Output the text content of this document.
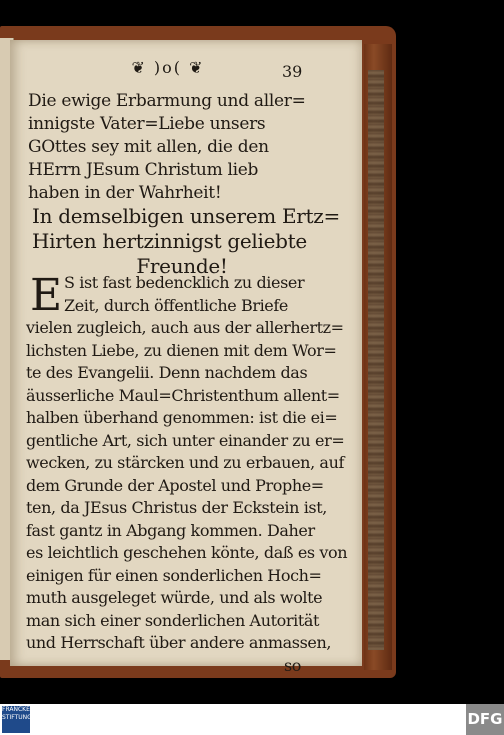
❦ )o( ❦	39
Die ewige Erbarmung und aller=
innigste Vater=Liebe unsers
GOttes sey mit allen, die den
HErrn JEsum Christum lieb
haben in der Wahrheit!
In demselbigen unserem Ertz=
Hirten hertzinnigst geliebte
Freunde!
E S ist fast bedencklich zu dieser
Zeit, durch öffentliche Briefe
vielen zugleich, auch aus der allerhertz=
lichsten Liebe, zu dienen mit dem Wor=
te des Evangelii. Denn nachdem das
äusserliche Maul=Christenthum allent=
halben überhand genommen: ist die ei=
gentliche Art, sich unter einander zu er=
wecken, zu stärcken und zu erbauen, auf
dem Grunde der Apostel und Prophe=
ten, da JEsus Christus der Eckstein ist,
fast gantz in Abgang kommen. Daher
es leichtlich geschehen könte, daß es von
einigen für einen sonderlichen Hoch=
muth ausgeleget würde, und als wolte
man sich einer sonderlichen Autorität
und Herrschaft über andere anmassen,
so
FRANCKESCHE STIFTUNGEN	DFG
